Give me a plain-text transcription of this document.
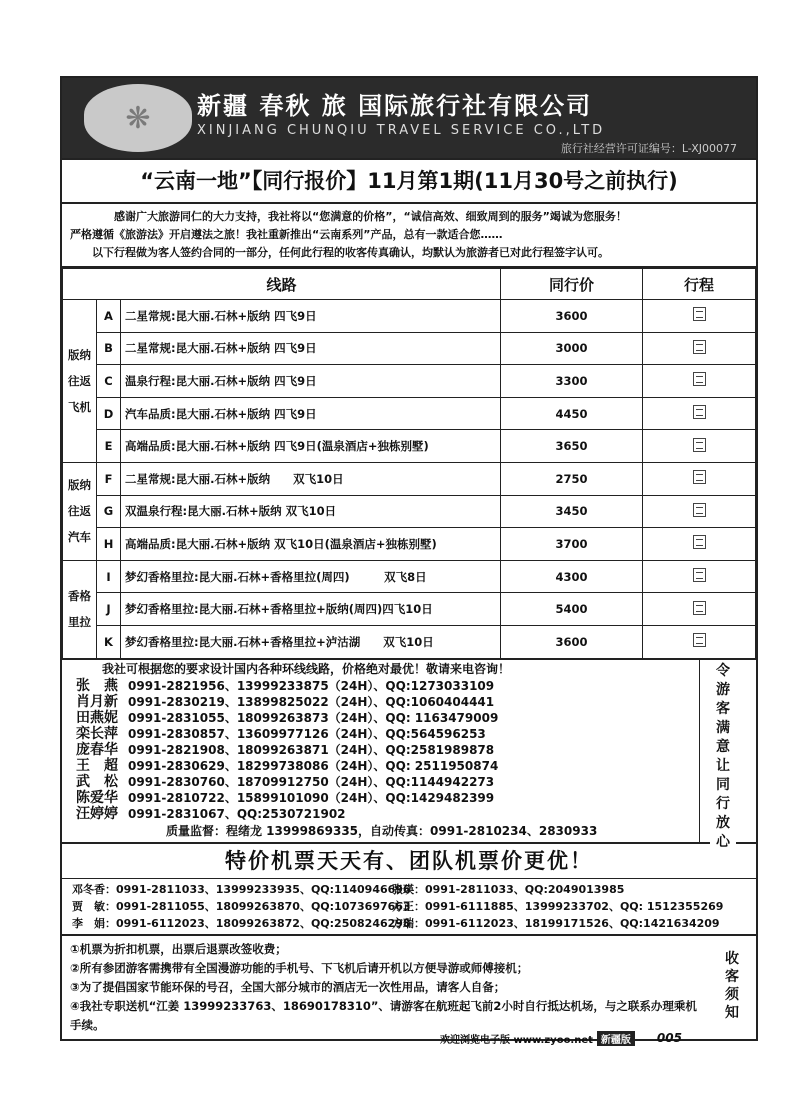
❋	新疆 春秋 旅 国际旅行社有限公司
XINJIANG CHUNQIU TRAVEL SERVICE CO.,LTD
旅行社经营许可证编号：L-XJ00077
“云南一地”【同行报价】11月第1期(11月30号之前执行)

感谢广大旅游同仁的大力支持，我社将以“您满意的价格”，“诚信高效、细致周到的服务”竭诚为您服务！

严格遵循《旅游法》开启遵法之旅！我社重新推出“云南系列”产品，总有一款适合您……

以下行程做为客人签约合同的一部分，任何此行程的收客传真确认，均默认为旅游者已对此行程签字认可。

线路			同行价	行程
版纳往返飞机	A	二星常规:昆大丽.石林+版纳 四飞9日	3600	
	B	二星常规:昆大丽.石林+版纳 四飞9日	3000	
	C	温泉行程:昆大丽.石林+版纳 四飞9日	3300	
	D	汽车品质:昆大丽.石林+版纳 四飞9日	4450	
	E	高端品质:昆大丽.石林+版纳 四飞9日(温泉酒店+独栋别墅)	3650	
版纳往返汽车	F	二星常规:昆大丽.石林+版纳　　双飞10日	2750	
	G	双温泉行程:昆大丽.石林+版纳 双飞10日	3450	
	H	高端品质:昆大丽.石林+版纳 双飞10日(温泉酒店+独栋别墅)	3700	
香格里拉	I	梦幻香格里拉:昆大丽.石林+香格里拉(周四)　　　双飞8日	4300	
	J	梦幻香格里拉:昆大丽.石林+香格里拉+版纳(周四)四飞10日	5400	
	K	梦幻香格里拉:昆大丽.石林+香格里拉+泸沽湖　　双飞10日	3600	
我社可根据您的要求设计国内各种环线线路，价格绝对最优！敬请来电咨询！
张　燕 0991-2821956、13999233875（24H）、QQ:1273033109
肖月新 0991-2830219、13899825022（24H）、QQ:1060404441
田燕妮 0991-2831055、18099263873（24H）、QQ: 1163479009
栾长萍 0991-2830857、13609977126（24H）、QQ:564596253
庞春华 0991-2821908、18099263871（24H）、QQ:2581989878
王　超 0991-2830629、18299738086（24H）、QQ: 2511950874
武　松 0991-2830760、18709912750（24H）、QQ:1144942273
陈爱华 0991-2810722、15899101090（24H）、QQ:1429482399
汪婷婷 0991-2831067、QQ:2530721902
质量监督：程绪龙 13999869335，自动传真：0991-2810234、2830933
令游客满意　让同行放心
特价机票天天有、团队机票价更优！
邓冬香：0991-2811033、13999233935、QQ:1140946696
张瑛：0991-2811033、QQ:2049013985
贾　敏：0991-2811055、18099263870、QQ:1073697663
方正：0991-6111885、13999233702、QQ: 1512355269
李　娟：0991-6112023、18099263872、QQ:2508246298
方瑞：0991-6112023、18199171526、QQ:1421634209

①机票为折扣机票，出票后退票改签收费；

②所有参团游客需携带有全国漫游功能的手机号、下飞机后请开机以方便导游或师傅接机；

③为了提倡国家节能环保的号召，全国大部分城市的酒店无一次性用品，请客人自备；

④我社专职送机“江姜 13999233763、18690178310”、请游客在航班起飞前2小时自行抵达机场，与之联系办理乘机手续。

收客须知
欢迎浏览电子版 www.zyoo.net 新疆版	005
